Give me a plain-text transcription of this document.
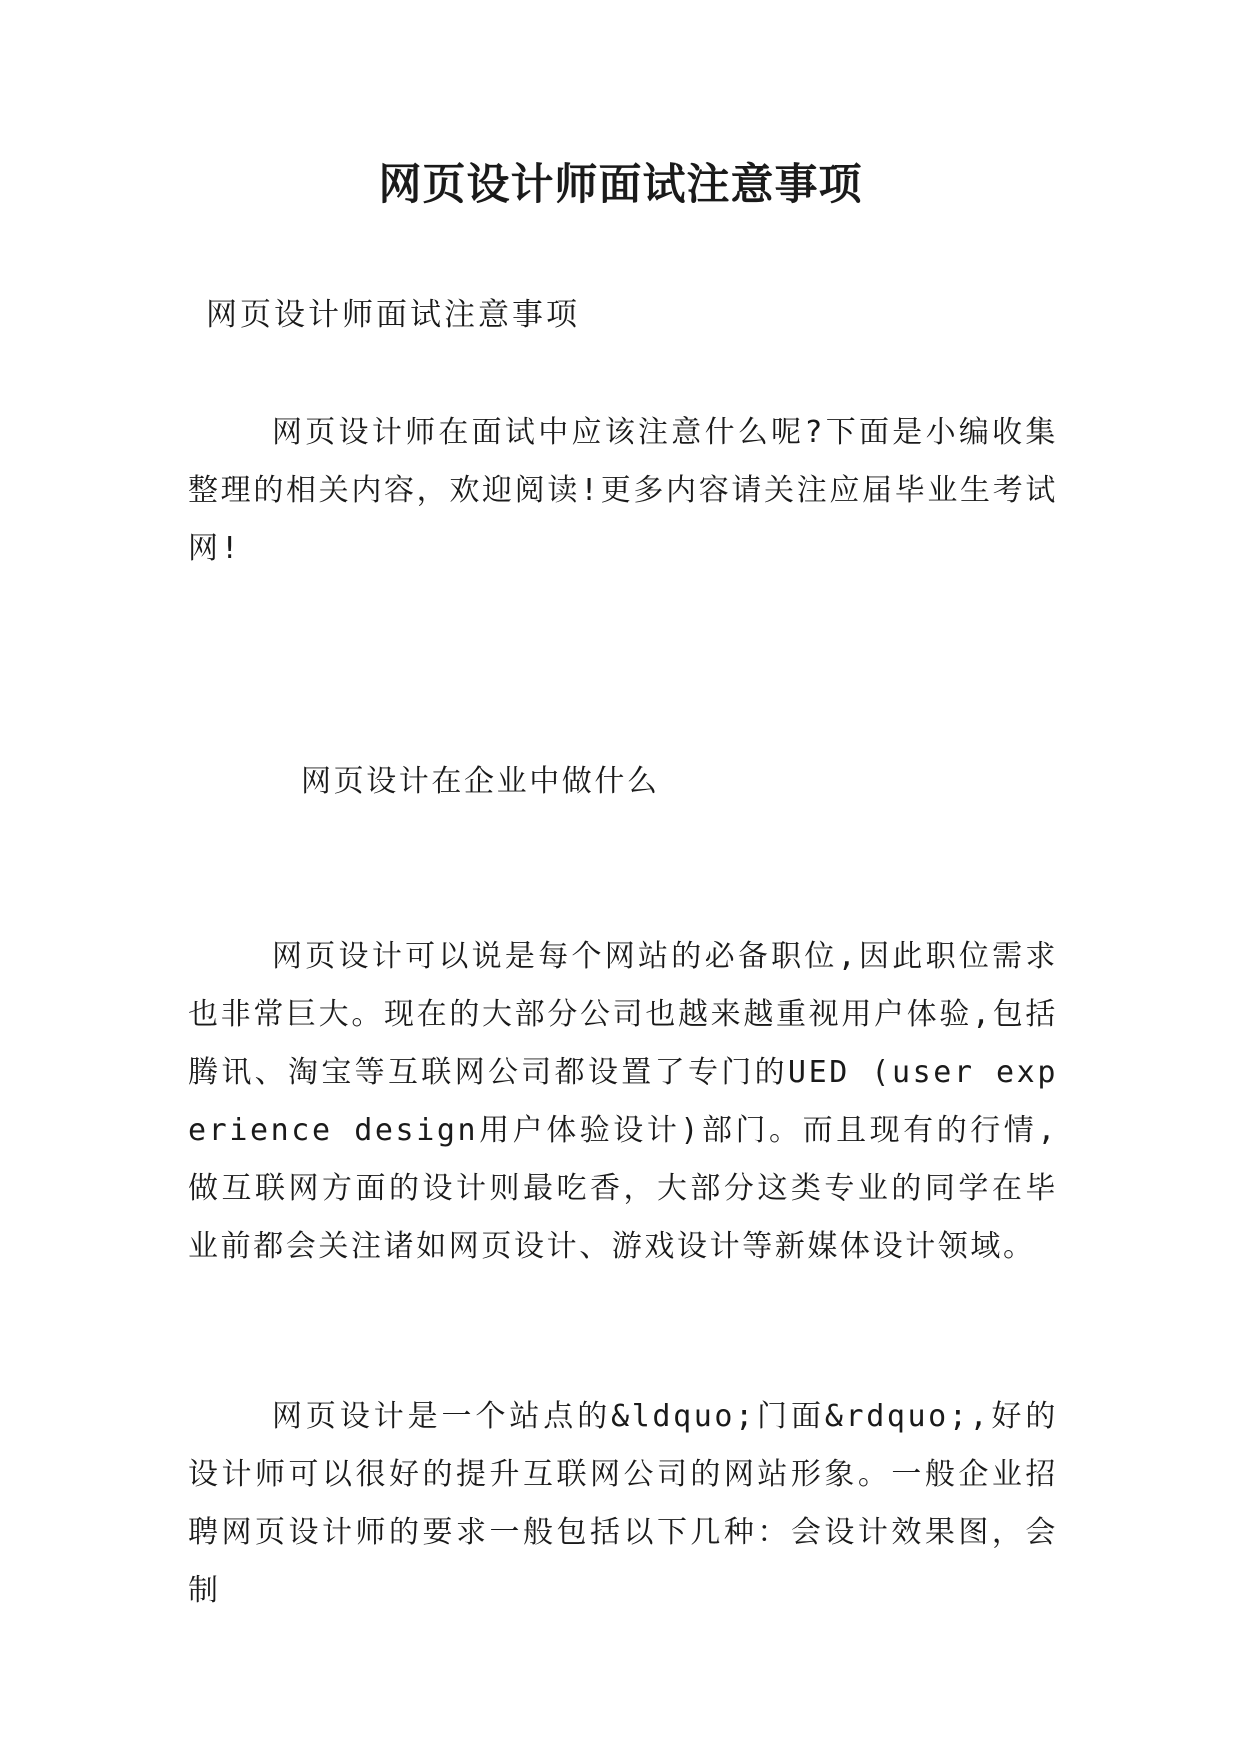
网页设计师面试注意事项
网页设计师面试注意事项
网页设计师在面试中应该注意什么呢?下面是小编收集整理的相关内容，欢迎阅读!更多内容请关注应届毕业生考试网!
网页设计在企业中做什么
网页设计可以说是每个网站的必备职位,因此职位需求也非常巨大。现在的大部分公司也越来越重视用户体验,包括腾讯、淘宝等互联网公司都设置了专门的UED (user experience design用户体验设计)部门。而且现有的行情,做互联网方面的设计则最吃香，大部分这类专业的同学在毕业前都会关注诸如网页设计、游戏设计等新媒体设计领域。
网页设计是一个站点的&ldquo;门面&rdquo;,好的设计师可以很好的提升互联网公司的网站形象。一般企业招聘网页设计师的要求一般包括以下几种：会设计效果图，会制
